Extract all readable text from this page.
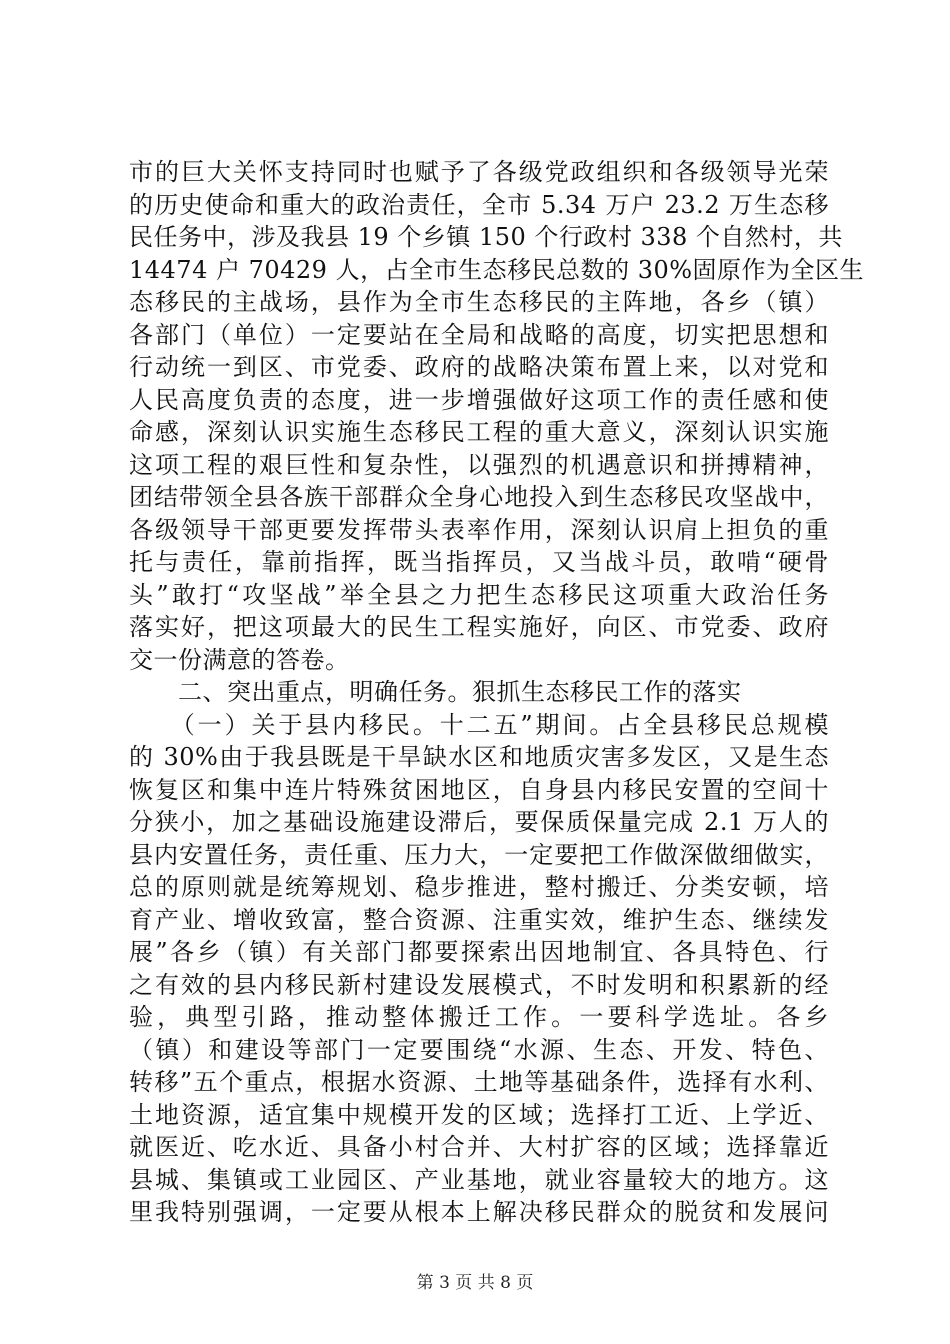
市的巨大关怀支持同时也赋予了各级党政组织和各级领导光荣
的历史使命和重大的政治责任，全市 5.34 万户 23.2 万生态移
民任务中，涉及我县 19 个乡镇 150 个行政村 338 个自然村，共
14474 户 70429 人，占全市生态移民总数的 30%固原作为全区生
态移民的主战场，县作为全市生态移民的主阵地，各乡（镇）
各部门（单位）一定要站在全局和战略的高度，切实把思想和
行动统一到区、市党委、政府的战略决策布置上来，以对党和
人民高度负责的态度，进一步增强做好这项工作的责任感和使
命感，深刻认识实施生态移民工程的重大意义，深刻认识实施
这项工程的艰巨性和复杂性，以强烈的机遇意识和拼搏精神，
团结带领全县各族干部群众全身心地投入到生态移民攻坚战中，
各级领导干部更要发挥带头表率作用，深刻认识肩上担负的重
托与责任，靠前指挥，既当指挥员，又当战斗员，敢啃“硬骨
头”敢打“攻坚战”举全县之力把生态移民这项重大政治任务
落实好，把这项最大的民生工程实施好，向区、市党委、政府
交一份满意的答卷。
　　二、突出重点，明确任务。狠抓生态移民工作的落实
　　（一）关于县内移民。十二五”期间。占全县移民总规模
的 30%由于我县既是干旱缺水区和地质灾害多发区，又是生态
恢复区和集中连片特殊贫困地区，自身县内移民安置的空间十
分狭小，加之基础设施建设滞后，要保质保量完成 2.1 万人的
县内安置任务，责任重、压力大，一定要把工作做深做细做实，
总的原则就是统筹规划、稳步推进，整村搬迁、分类安顿，培
育产业、增收致富，整合资源、注重实效，维护生态、继续发
展”各乡（镇）有关部门都要探索出因地制宜、各具特色、行
之有效的县内移民新村建设发展模式，不时发明和积累新的经
验，典型引路，推动整体搬迁工作。一要科学选址。各乡
（镇）和建设等部门一定要围绕“水源、生态、开发、特色、
转移”五个重点，根据水资源、土地等基础条件，选择有水利、
土地资源，适宜集中规模开发的区域；选择打工近、上学近、
就医近、吃水近、具备小村合并、大村扩容的区域；选择靠近
县城、集镇或工业园区、产业基地，就业容量较大的地方。这
里我特别强调，一定要从根本上解决移民群众的脱贫和发展问
第 3 页 共 8 页
